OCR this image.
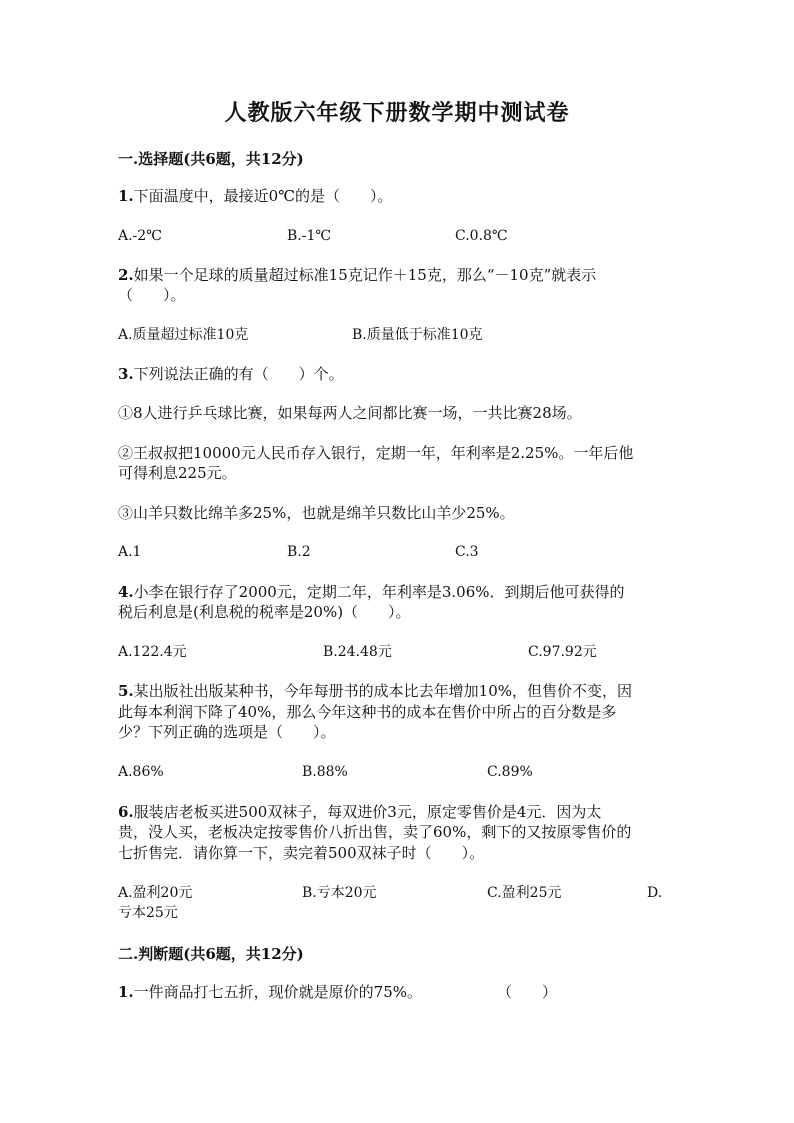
人教版六年级下册数学期中测试卷
一.选择题(共6题，共12分)
1.下面温度中，最接近0℃的是（　　）。
A.-2℃	B.-1℃	C.0.8℃
2.如果一个足球的质量超过标准15克记作＋15克，那么“－10克”就表示
（　　）。
A.质量超过标准10克	B.质量低于标准10克
3.下列说法正确的有（　　）个。
①8人进行乒乓球比赛，如果每两人之间都比赛一场，一共比赛28场。
②王叔叔把10000元人民币存入银行，定期一年，年利率是2.25%。一年后他
可得利息225元。
③山羊只数比绵羊多25%，也就是绵羊只数比山羊少25%。
A.1	B.2	C.3
4.小李在银行存了2000元，定期二年，年利率是3.06%．到期后他可获得的
税后利息是(利息税的税率是20%)（　　）。
A.122.4元	B.24.48元	C.97.92元
5.某出版社出版某种书，今年每册书的成本比去年增加10%，但售价不变，因
此每本利润下降了40%，那么今年这种书的成本在售价中所占的百分数是多
少？下列正确的选项是（　　）。
A.86%	B.88%	C.89%
6.服装店老板买进500双袜子，每双进价3元，原定零售价是4元．因为太
贵，没人买，老板决定按零售价八折出售，卖了60%，剩下的又按原零售价的
七折售完．请你算一下，卖完着500双袜子时（　　）。
A.盈利20元	B.亏本20元	C.盈利25元	D.
亏本25元
二.判断题(共6题，共12分)
1.一件商品打七五折，现价就是原价的75%。	（　　）
